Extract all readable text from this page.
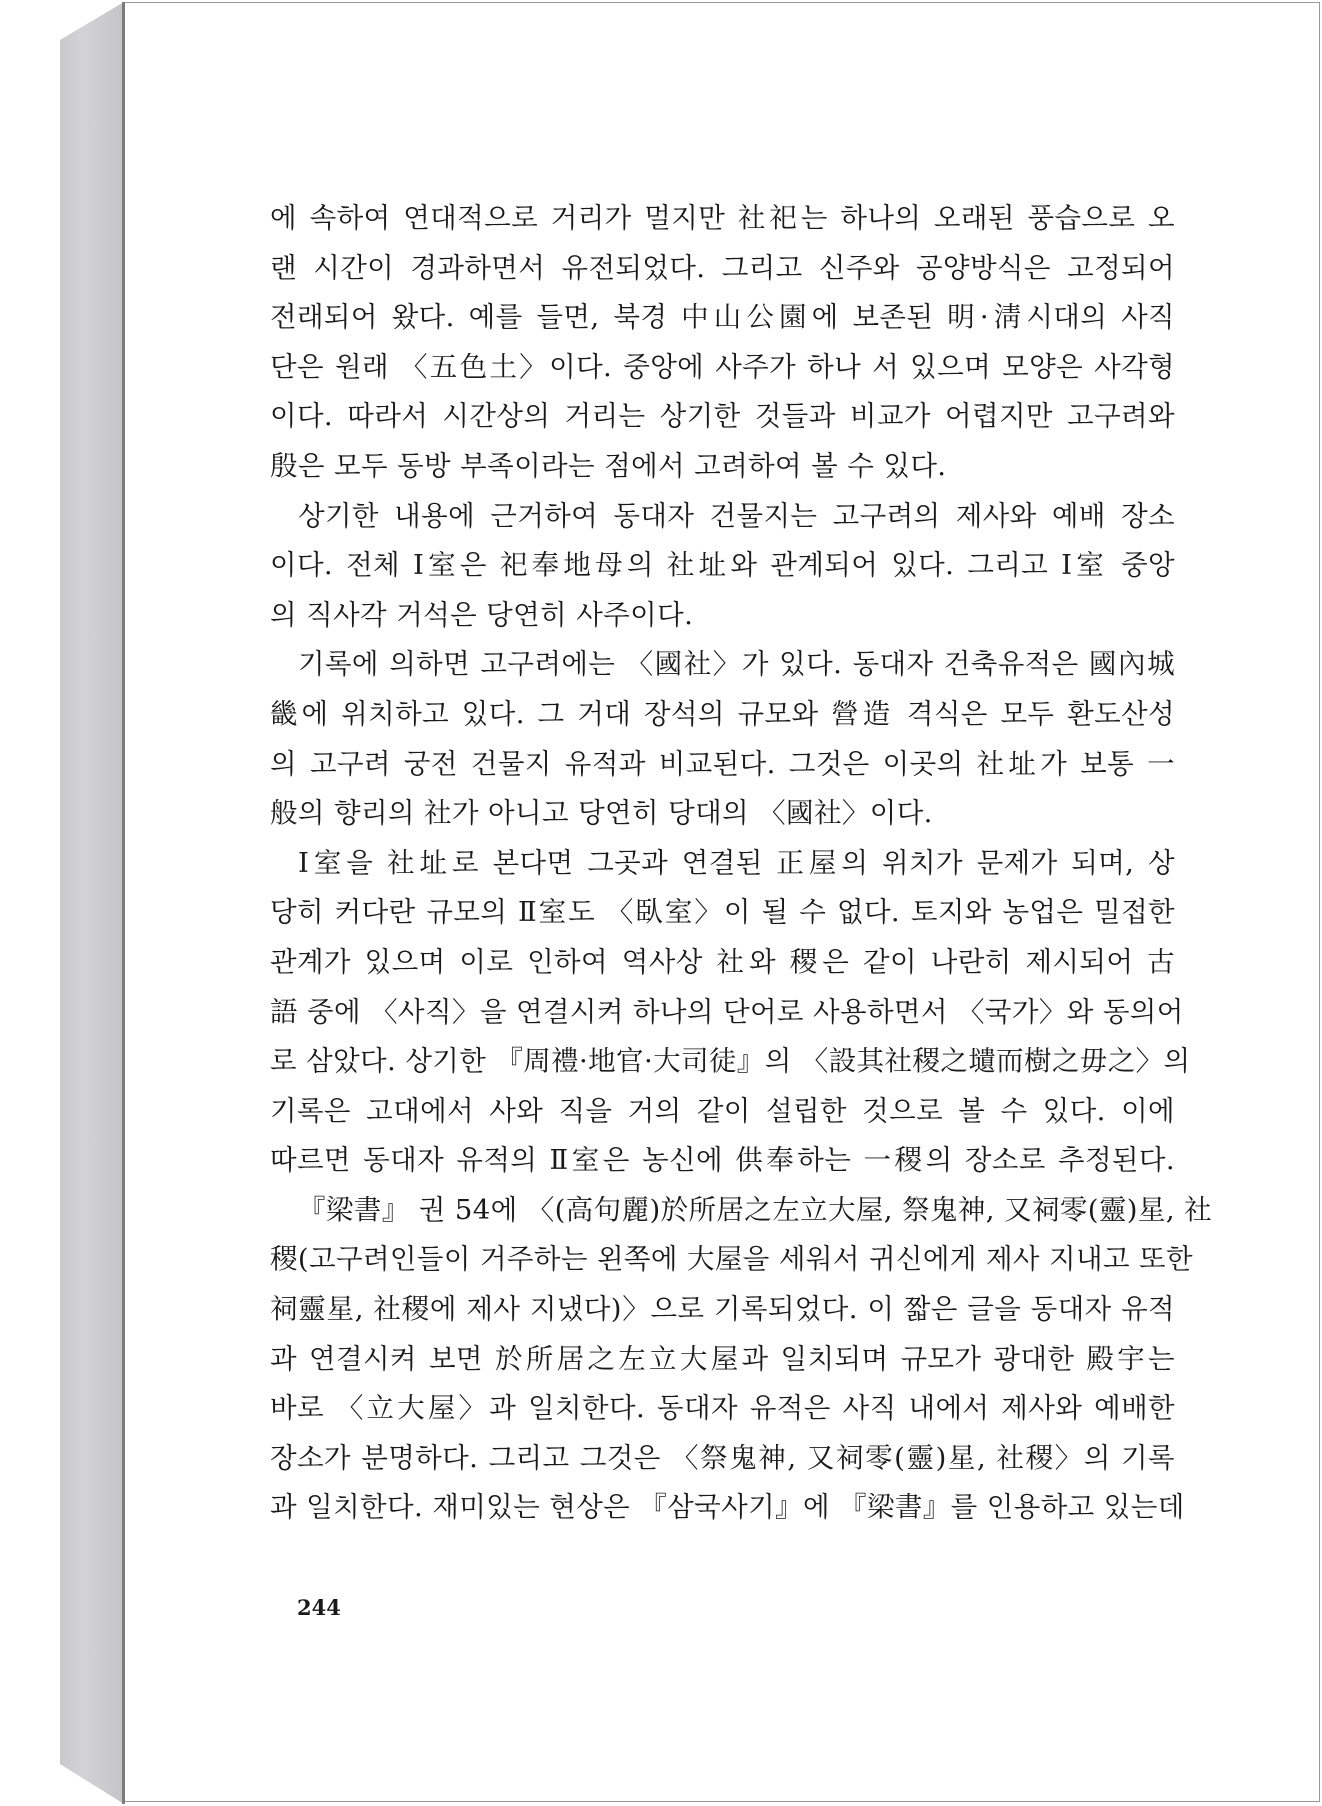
에 속하여 연대적으로 거리가 멀지만 社祀는 하나의 오래된 풍습으로 오
랜 시간이 경과하면서 유전되었다. 그리고 신주와 공양방식은 고정되어
전래되어 왔다. 예를 들면, 북경 中山公園에 보존된 明·淸시대의 사직
단은 원래 〈五色土〉이다. 중앙에 사주가 하나 서 있으며 모양은 사각형
이다. 따라서 시간상의 거리는 상기한 것들과 비교가 어렵지만 고구려와
殷은 모두 동방 부족이라는 점에서 고려하여 볼 수 있다.
상기한 내용에 근거하여 동대자 건물지는 고구려의 제사와 예배 장소
이다. 전체 Ⅰ室은 祀奉地母의 社址와 관계되어 있다. 그리고 Ⅰ室 중앙
의 직사각 거석은 당연히 사주이다.
기록에 의하면 고구려에는 〈國社〉가 있다. 동대자 건축유적은 國內城
畿에 위치하고 있다. 그 거대 장석의 규모와 營造 격식은 모두 환도산성
의 고구려 궁전 건물지 유적과 비교된다. 그것은 이곳의 社址가 보통 一
般의 향리의 社가 아니고 당연히 당대의 〈國社〉이다.
Ⅰ室을 社址로 본다면 그곳과 연결된 正屋의 위치가 문제가 되며, 상
당히 커다란 규모의 Ⅱ室도 〈臥室〉이 될 수 없다. 토지와 농업은 밀접한
관계가 있으며 이로 인하여 역사상 社와 稷은 같이 나란히 제시되어 古
語 중에 〈사직〉을 연결시켜 하나의 단어로 사용하면서 〈국가〉와 동의어
로 삼았다. 상기한 『周禮·地官·大司徒』의 〈設其社稷之壝而樹之毋之〉의
기록은 고대에서 사와 직을 거의 같이 설립한 것으로 볼 수 있다. 이에
따르면 동대자 유적의 Ⅱ室은 농신에 供奉하는 一稷의 장소로 추정된다.
『梁書』 권 54에 〈(高句麗)於所居之左立大屋, 祭鬼神, 又祠零(靈)星, 社
稷(고구려인들이 거주하는 왼쪽에 大屋을 세워서 귀신에게 제사 지내고 또한
祠靈星, 社稷에 제사 지냈다)〉으로 기록되었다. 이 짧은 글을 동대자 유적
과 연결시켜 보면 於所居之左立大屋과 일치되며 규모가 광대한 殿宇는
바로 〈立大屋〉과 일치한다. 동대자 유적은 사직 내에서 제사와 예배한
장소가 분명하다. 그리고 그것은 〈祭鬼神, 又祠零(靈)星, 社稷〉의 기록
과 일치한다. 재미있는 현상은 『삼국사기』에 『梁書』를 인용하고 있는데
244
